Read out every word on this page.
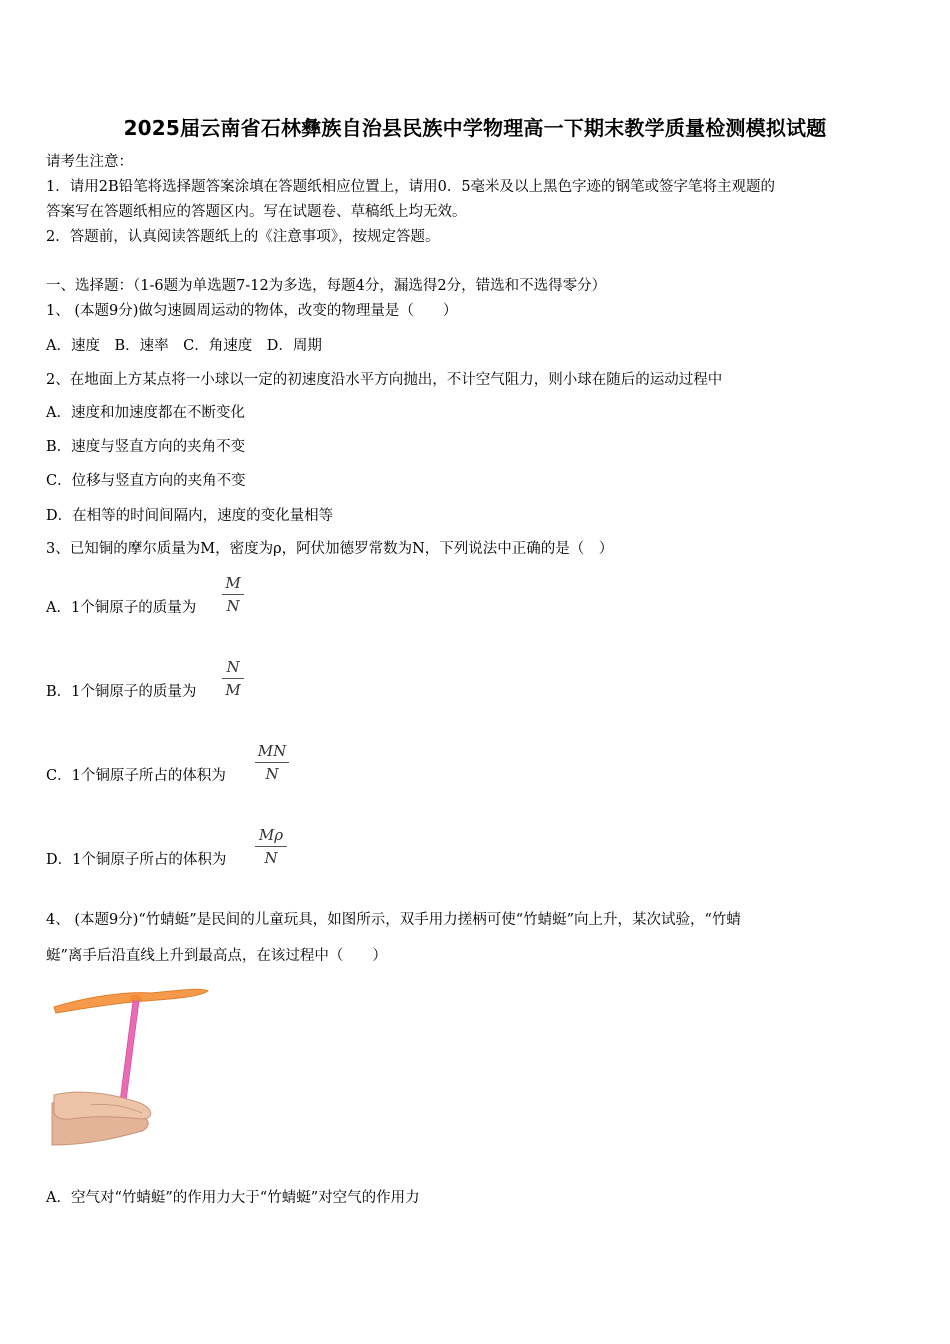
2025届云南省石林彝族自治县民族中学物理高一下期末教学质量检测模拟试题
请考生注意：
1．请用2B铅笔将选择题答案涂填在答题纸相应位置上，请用0．5毫米及以上黑色字迹的钢笔或签字笔将主观题的
答案写在答题纸相应的答题区内。写在试题卷、草稿纸上均无效。
2．答题前，认真阅读答题纸上的《注意事项》，按规定答题。
一、选择题：（1-6题为单选题7-12为多选，每题4分，漏选得2分，错选和不选得零分）
1、 (本题9分)做匀速圆周运动的物体，改变的物理量是（　　）
A．速度　B．速率　C．角速度　D．周期
2、在地面上方某点将一小球以一定的初速度沿水平方向抛出，不计空气阻力，则小球在随后的运动过程中
A．速度和加速度都在不断变化
B．速度与竖直方向的夹角不变
C．位移与竖直方向的夹角不变
D．在相等的时间间隔内，速度的变化量相等
3、已知铜的摩尔质量为M，密度为ρ，阿伏加德罗常数为N，下列说法中正确的是（　）
A．1个铜原子的质量为
M
N
B．1个铜原子的质量为
N
M
C．1个铜原子所占的体积为
MN
N
D．1个铜原子所占的体积为
Mρ
N
4、 (本题9分)“竹蜻蜓”是民间的儿童玩具，如图所示，双手用力搓柄可使“竹蜻蜓”向上升，某次试验，“竹蜻
蜓”离手后沿直线上升到最高点，在该过程中（　　）
A．空气对“竹蜻蜓”的作用力大于“竹蜻蜓”对空气的作用力
